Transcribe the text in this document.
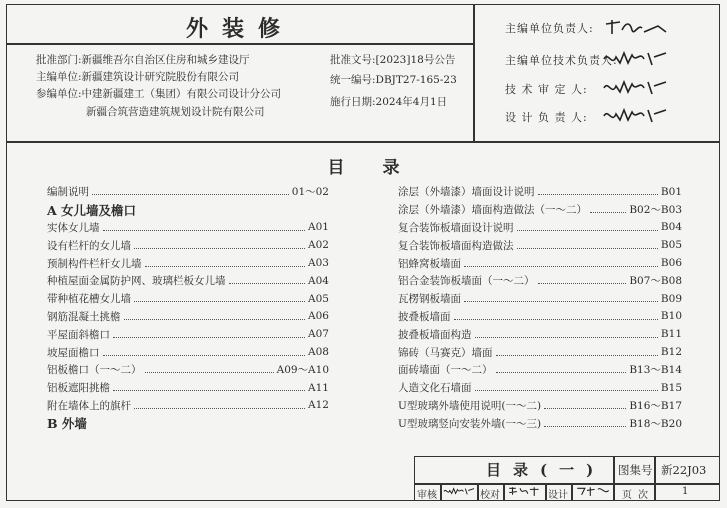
外装修
批准部门:新疆维吾尔自治区住房和城乡建设厅
主编单位:新疆建筑设计研究院股份有限公司
参编单位:中建新疆建工（集团）有限公司设计分公司
新疆合筑营造建筑规划设计院有限公司
批准文号:[2023]18号公告
统一编号:DBJT27-165-23
施行日期:2024年4月1日
主编单位负责人:
主编单位技术负责人:
技 术 审 定 人:
设 计 负 责 人:
目录
编制说明	01～02
A 女儿墙及檐口
实体女儿墙	A01
设有栏杆的女儿墙	A02
预制构件栏杆女儿墙	A03
种植屋面金属防护网、玻璃栏板女儿墙	A04
带种植花槽女儿墙	A05
钢筋混凝土挑檐	A06
平屋面斜檐口	A07
坡屋面檐口	A08
铝板檐口（一～二）	A09～A10
铝板遮阳挑檐	A11
附在墙体上的旗杆	A12
B 外墙
涂层（外墙漆）墙面设计说明	B01
涂层（外墙漆）墙面构造做法（一～二）	B02～B03
复合装饰板墙面设计说明	B04
复合装饰板墙面构造做法	B05
铝蜂窝板墙面	B06
铝合金装饰板墙面（一～二）	B07～B08
瓦楞钢板墙面	B09
披叠板墙面	B10
披叠板墙面构造	B11
锦砖（马赛克）墙面	B12
面砖墙面（一～二）	B13～B14
人造文化石墙面	B15
U型玻璃外墙使用说明(一～二)	B16～B17
U型玻璃竖向安装外墙(一～三)	B18～B20
目录(一) 图集号 新22J03
审核	校对	设计	页次	1
